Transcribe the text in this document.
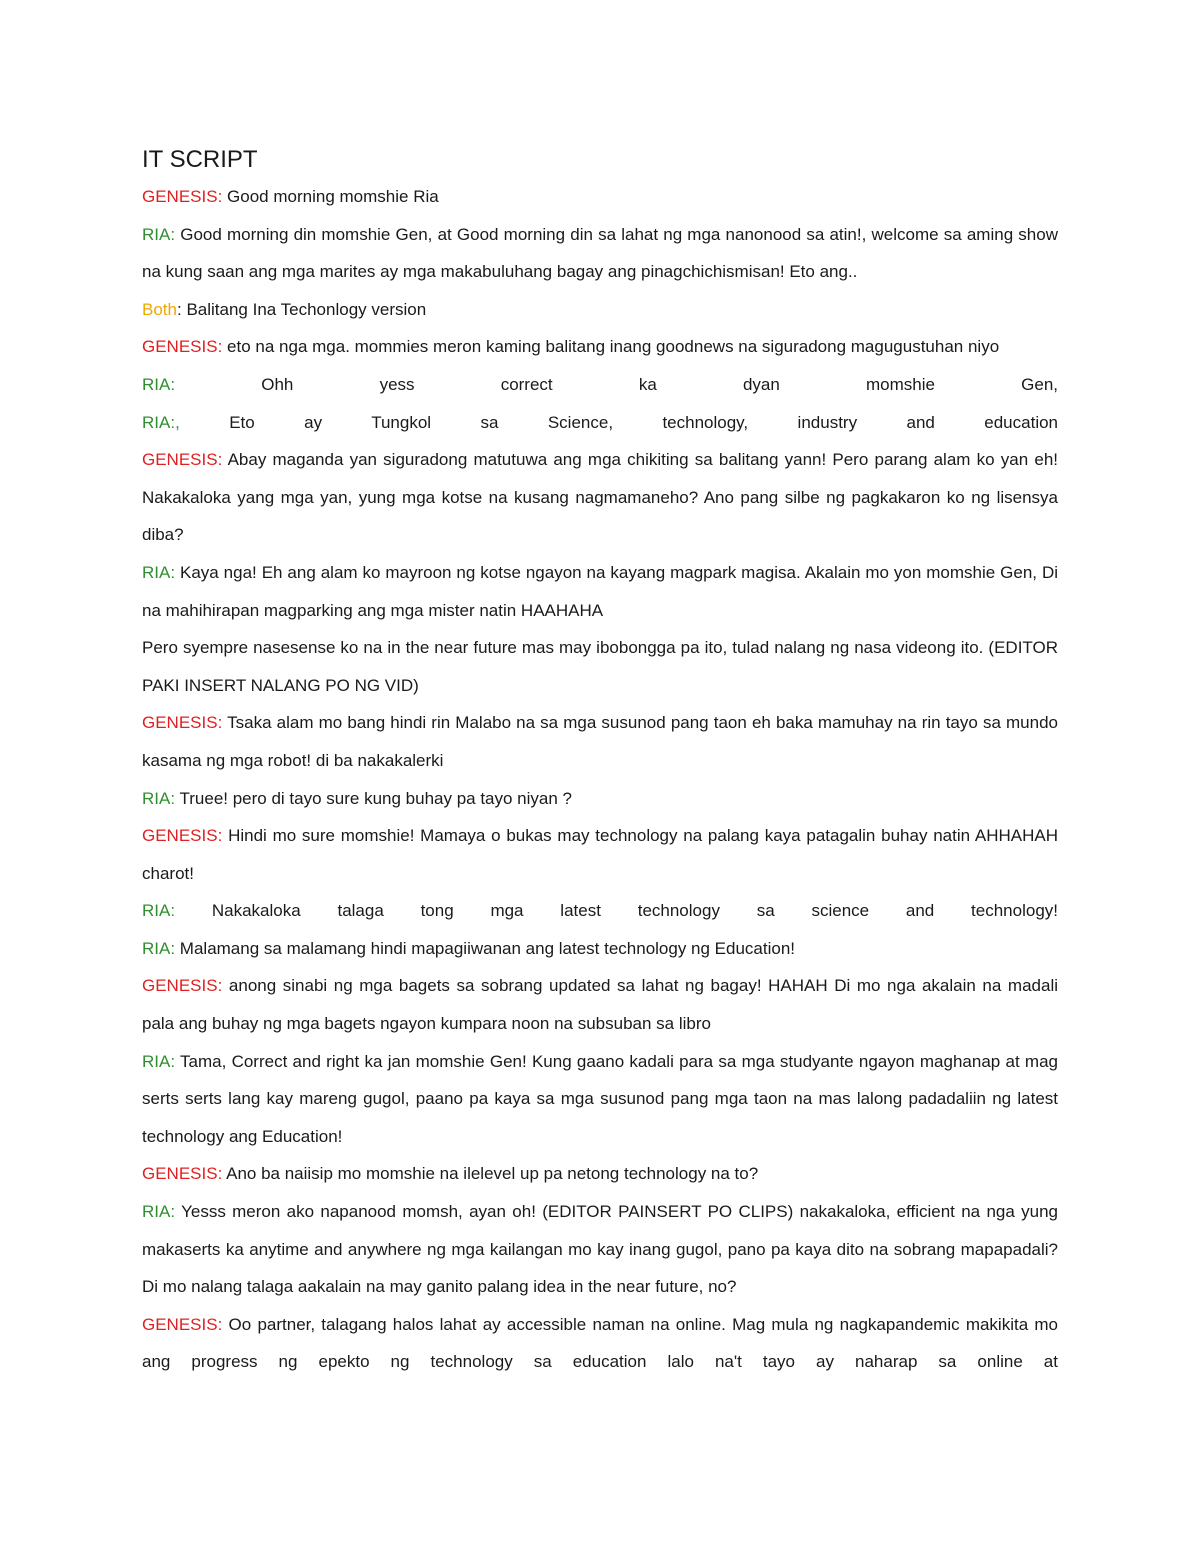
IT SCRIPT

GENESIS: Good morning momshie Ria

RIA: Good morning din momshie Gen, at Good morning din sa lahat ng mga nanonood sa atin!, welcome sa aming show na kung saan ang mga marites ay mga makabuluhang bagay ang pinagchichismisan! Eto ang..

Both: Balitang Ina Techonlogy version

GENESIS: eto na nga mga. mommies meron kaming balitang inang goodnews na siguradong magugustuhan niyo

RIA: Ohh yess correct ka dyan momshie Gen,

RIA:, Eto ay Tungkol sa Science, technology, industry and education

GENESIS: Abay maganda yan siguradong matutuwa ang mga chikiting sa balitang yann! Pero parang alam ko yan eh! Nakakaloka yang mga yan, yung mga kotse na kusang nagmamaneho? Ano pang silbe ng pagkakaron ko ng lisensya diba?

RIA: Kaya nga! Eh ang alam ko mayroon ng kotse ngayon na kayang magpark magisa. Akalain mo yon momshie Gen, Di na mahihirapan magparking ang mga mister natin HAAHAHA

Pero syempre nasesense ko na in the near future mas may ibobongga pa ito, tulad nalang ng nasa videong ito. (EDITOR PAKI INSERT NALANG PO NG VID)

GENESIS: Tsaka alam mo bang hindi rin Malabo na sa mga susunod pang taon eh baka mamuhay na rin tayo sa mundo kasama ng mga robot! di ba nakakalerki

RIA: Truee! pero di tayo sure kung buhay pa tayo niyan ?

GENESIS: Hindi mo sure momshie! Mamaya o bukas may technology na palang kaya patagalin buhay natin AHHAHAH charot!

RIA: Nakakaloka talaga tong mga latest technology sa science and technology!

RIA: Malamang sa malamang hindi mapagiiwanan ang latest technology ng Education!

GENESIS: anong sinabi ng mga bagets sa sobrang updated sa lahat ng bagay! HAHAH Di mo nga akalain na madali pala ang buhay ng mga bagets ngayon kumpara noon na subsuban sa libro

RIA: Tama, Correct and right ka jan momshie Gen! Kung gaano kadali para sa mga studyante ngayon maghanap at mag serts serts lang kay mareng gugol, paano pa kaya sa mga susunod pang mga taon na mas lalong padadaliin ng latest technology ang Education!

GENESIS: Ano ba naiisip mo momshie na ilelevel up pa netong technology na to?

RIA: Yesss meron ako napanood momsh, ayan oh! (EDITOR PAINSERT PO CLIPS) nakakaloka, efficient na nga yung makaserts ka anytime and anywhere ng mga kailangan mo kay inang gugol, pano pa kaya dito na sobrang mapapadali? Di mo nalang talaga aakalain na may ganito palang idea in the near future, no?

GENESIS: Oo partner, talagang halos lahat ay accessible naman na online. Mag mula ng nagkapandemic makikita mo ang progress ng epekto ng technology sa education lalo na't tayo ay naharap sa online at
